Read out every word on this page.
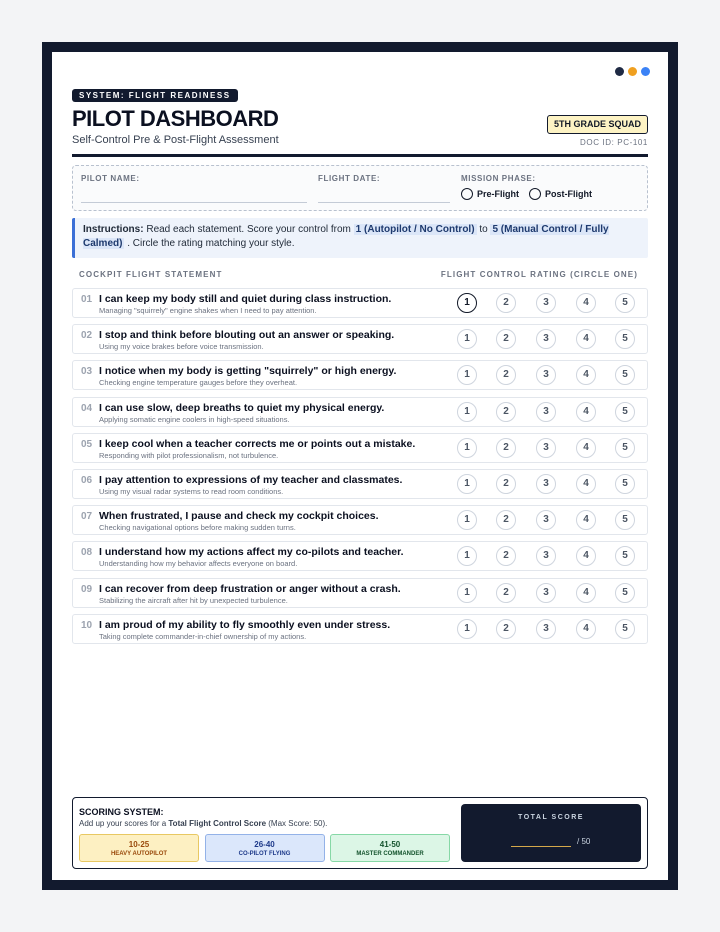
SYSTEM: FLIGHT READINESS
PILOT DASHBOARD
Self-Control Pre & Post-Flight Assessment
5TH GRADE SQUAD
DOC ID: PC-101
PILOT NAME:	FLIGHT DATE:	MISSION PHASE:
Pre-Flight	Post-Flight
Instructions: Read each statement. Score your control from 1 (Autopilot / No Control) to 5 (Manual Control / Fully Calmed) . Circle the rating matching your style.
COCKPIT FLIGHT STATEMENT	FLIGHT CONTROL RATING (CIRCLE ONE)
01 I can keep my body still and quiet during class instruction.
Managing "squirrely" engine shakes when I need to pay attention.
1	2	3	4	5
02 I stop and think before blouting out an answer or speaking.
Using my voice brakes before voice transmission.
1	2	3	4	5
03 I notice when my body is getting "squirrely" or high energy.
Checking engine temperature gauges before they overheat.
1	2	3	4	5
04 I can use slow, deep breaths to quiet my physical energy.
Applying somatic engine coolers in high-speed situations.
1	2	3	4	5
05 I keep cool when a teacher corrects me or points out a mistake.
Responding with pilot professionalism, not turbulence.
1	2	3	4	5
06 I pay attention to expressions of my teacher and classmates.
Using my visual radar systems to read room conditions.
1	2	3	4	5
07 When frustrated, I pause and check my cockpit choices.
Checking navigational options before making sudden turns.
1	2	3	4	5
08 I understand how my actions affect my co-pilots and teacher.
Understanding how my behavior affects everyone on board.
1	2	3	4	5
09 I can recover from deep frustration or anger without a crash.
Stabilizing the aircraft after hit by unexpected turbulence.
1	2	3	4	5
10 I am proud of my ability to fly smoothly even under stress.
Taking complete commander-in-chief ownership of my actions.
1	2	3	4	5
SCORING SYSTEM:
Add up your scores for a Total Flight Control Score (Max Score: 50).
10-25
HEAVY AUTOPILOT
26-40
CO-PILOT FLYING
41-50
MASTER COMMANDER
TOTAL SCORE
/ 50
